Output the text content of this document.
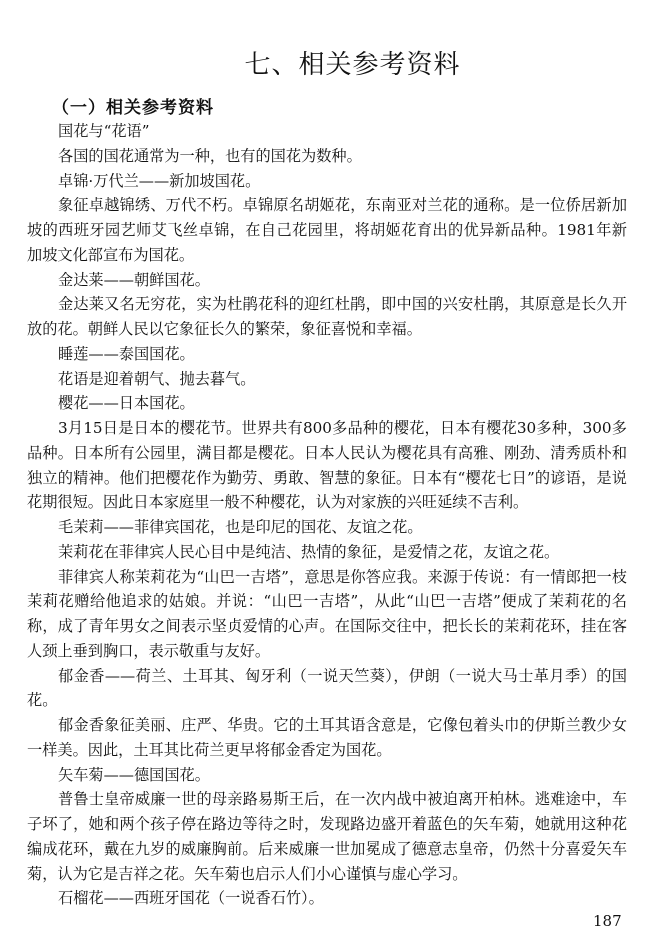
七、相关参考资料
（一）相关参考资料

国花与“花语”

各国的国花通常为一种，也有的国花为数种。

卓锦·万代兰——新加坡国花。

象征卓越锦绣、万代不朽。卓锦原名胡姬花，东南亚对兰花的通称。是一位侨居新加坡的西班牙园艺师艾飞丝卓锦，在自己花园里，将胡姬花育出的优异新品种。1981年新加坡文化部宣布为国花。

金达莱——朝鲜国花。

金达莱又名无穷花，实为杜鹃花科的迎红杜鹃，即中国的兴安杜鹃，其原意是长久开放的花。朝鲜人民以它象征长久的繁荣，象征喜悦和幸福。

睡莲——泰国国花。

花语是迎着朝气、抛去暮气。

樱花——日本国花。

3月15日是日本的樱花节。世界共有800多品种的樱花，日本有樱花30多种，300多品种。日本所有公园里，满目都是樱花。日本人民认为樱花具有高雅、刚劲、清秀质朴和独立的精神。他们把樱花作为勤劳、勇敢、智慧的象征。日本有“樱花七日”的谚语，是说花期很短。因此日本家庭里一般不种樱花，认为对家族的兴旺延续不吉利。

毛茉莉——菲律宾国花，也是印尼的国花、友谊之花。

茉莉花在菲律宾人民心目中是纯洁、热情的象征，是爱情之花，友谊之花。

菲律宾人称茉莉花为“山巴一吉塔”，意思是你答应我。来源于传说：有一情郎把一枝茉莉花赠给他追求的姑娘。并说：“山巴一吉塔”，从此“山巴一吉塔”便成了茉莉花的名称，成了青年男女之间表示坚贞爱情的心声。在国际交往中，把长长的茉莉花环，挂在客人颈上垂到胸口，表示敬重与友好。

郁金香——荷兰、土耳其、匈牙利（一说天竺葵），伊朗（一说大马士革月季）的国花。

郁金香象征美丽、庄严、华贵。它的土耳其语含意是，它像包着头巾的伊斯兰教少女一样美。因此，土耳其比荷兰更早将郁金香定为国花。

矢车菊——德国国花。

普鲁士皇帝威廉一世的母亲路易斯王后，在一次内战中被迫离开柏林。逃难途中，车子坏了，她和两个孩子停在路边等待之时，发现路边盛开着蓝色的矢车菊，她就用这种花编成花环，戴在九岁的威廉胸前。后来威廉一世加冕成了德意志皇帝，仍然十分喜爱矢车菊，认为它是吉祥之花。矢车菊也启示人们小心谨慎与虚心学习。

石榴花——西班牙国花（一说香石竹）。

187
